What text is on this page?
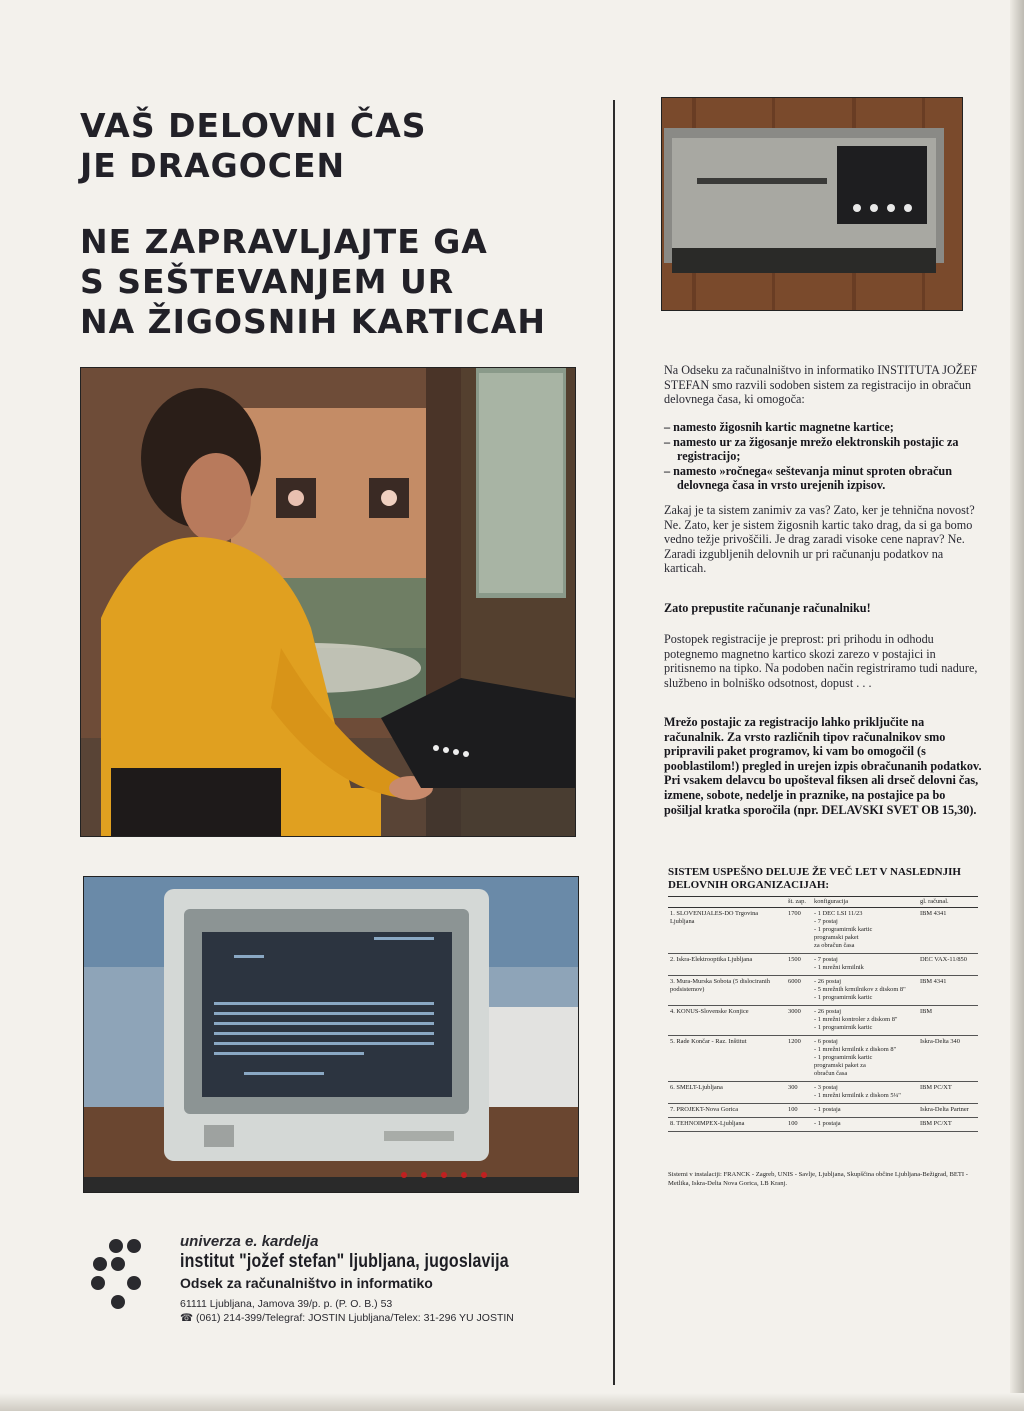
VAŠ DELOVNI ČAS
JE DRAGOCEN
NE ZAPRAVLJAJTE GA
S SEŠTEVANJEM UR
NA ŽIGOSNIH KARTICAH

Na Odseku za računalništvo in informatiko INSTITUTA JOŽEF STEFAN smo razvili sodoben sistem za registracijo in obračun delovnega časa, ki omogoča:

– namesto žigosnih kartic magnetne kartice;
– namesto ur za žigosanje mrežo elektronskih postajic za registracijo;
– namesto »ročnega« seštevanja minut sproten obračun delovnega časa in vrsto urejenih izpisov.

Zakaj je ta sistem zanimiv za vas? Zato, ker je tehnična novost? Ne. Zato, ker je sistem žigosnih kartic tako drag, da si ga bomo vedno težje privoščili. Je drag zaradi visoke cene naprav? Ne. Zaradi izgubljenih delovnih ur pri računanju podatkov na karticah.

Zato prepustite računanje računalniku!

Postopek registracije je preprost: pri prihodu in odhodu potegnemo magnetno kartico skozi zarezo v postajici in pritisnemo na tipko. Na podoben način registriramo tudi nadure, službeno in bolniško odsotnost, dopust . . .

Mrežo postajic za registracijo lahko priključite na računalnik. Za vrsto različnih tipov računalnikov smo pripravili paket programov, ki vam bo omogočil (s pooblastilom!) pregled in urejen izpis obračunanih podatkov. Pri vsakem delavcu bo upošteval fiksen ali drseč delovni čas, izmene, sobote, nedelje in praznike, na postajice pa bo pošiljal kratka sporočila (npr. DELAVSKI SVET OB 15,30).

SISTEM USPEŠNO DELUJE ŽE VEČ LET V NASLEDNJIH DELOVNIH ORGANIZACIJAH:

	št. zap.	konfiguracija	gl. računal.
1. SLOVENIJALES-DO Trgovina Ljubljana	1700	- 1 DEC LSI 11/23
- 7 postaj
- 1 programirnik kartic
programski paket
za obračun časa	IBM 4341
2. Iskra-Elektrooptika Ljubljana	1500	- 7 postaj
- 1 mrežni krmilnik	DEC VAX-11/850
3. Mura-Murska Sobota (5 dislociranih podsistemov)	6000	- 26 postaj
- 5 mrežnih krmilnikov z diskom 8"
- 1 programirnik kartic	IBM 4341
4. KONUS-Slovenske Konjice	3000	- 26 postaj
- 1 mrežni kontroler z diskom 8"
- 1 programirnik kartic	IBM
5. Rade Končar - Raz. Inštitut	1200	- 6 postaj
- 1 mrežni krmilnik z diskom 8"
- 1 programirnik kartic
programski paket za
obračun časa	Iskra-Delta 340
6. SMELT-Ljubljana	300	- 3 postaj
- 1 mrežni krmilnik z diskom 5¼"	IBM PC/XT
7. PROJEKT-Nova Gorica	100	- 1 postaja	Iskra-Delta Partner
8. TEHNOIMPEX-Ljubljana	100	- 1 postaja	IBM PC/XT

Sistemi v instalaciji: FRANCK - Zagreb, UNIS - Savlje, Ljubljana, Skupščina občine Ljubljana-Bežigrad, BETI - Metlika, Iskra-Delta Nova Gorica, LB Kranj.

univerza e. kardelja

institut "jožef stefan" ljubljana, jugoslavija

Odsek za računalništvo in informatiko

61111 Ljubljana, Jamova 39/p. p. (P. O. B.) 53

☎ (061) 214-399/Telegraf: JOSTIN Ljubljana/Telex: 31-296 YU JOSTIN
